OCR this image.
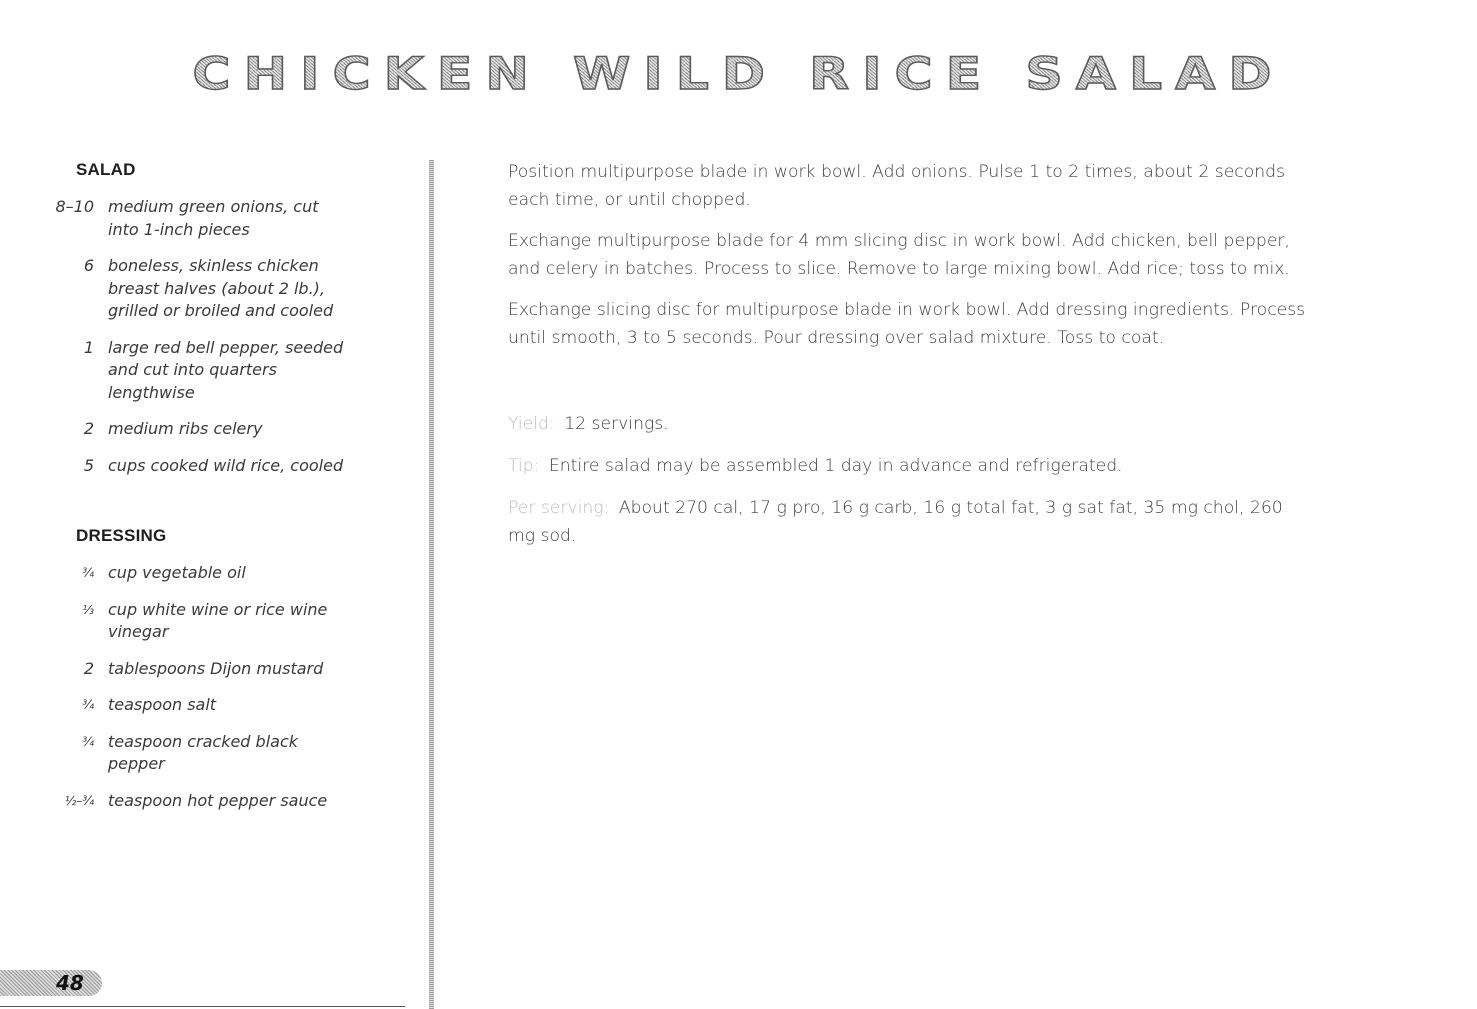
CHICKEN WILD RICE SALAD
SALAD
8–10 medium green onions, cut into 1-inch pieces
6 boneless, skinless chicken breast halves (about 2 lb.), grilled or broiled and cooled
1 large red bell pepper, seeded and cut into quarters lengthwise
2 medium ribs celery
5 cups cooked wild rice, cooled
DRESSING
¾ cup vegetable oil
⅓ cup white wine or rice wine vinegar
2 tablespoons Dijon mustard
¾ teaspoon salt
¾ teaspoon cracked black pepper
½–¾ teaspoon hot pepper sauce

Position multipurpose blade in work bowl. Add onions. Pulse 1 to 2 times, about 2 seconds each time, or until chopped.

Exchange multipurpose blade for 4 mm slicing disc in work bowl. Add chicken, bell pepper, and celery in batches. Process to slice. Remove to large mixing bowl. Add rice; toss to mix.

Exchange slicing disc for multipurpose blade in work bowl. Add dressing ingredients. Process until smooth, 3 to 5 seconds. Pour dressing over salad mixture. Toss to coat.

Yield: 12 servings.

Tip: Entire salad may be assembled 1 day in advance and refrigerated.

Per serving: About 270 cal, 17 g pro, 16 g carb, 16 g total fat, 3 g sat fat, 35 mg chol, 260 mg sod.

48
